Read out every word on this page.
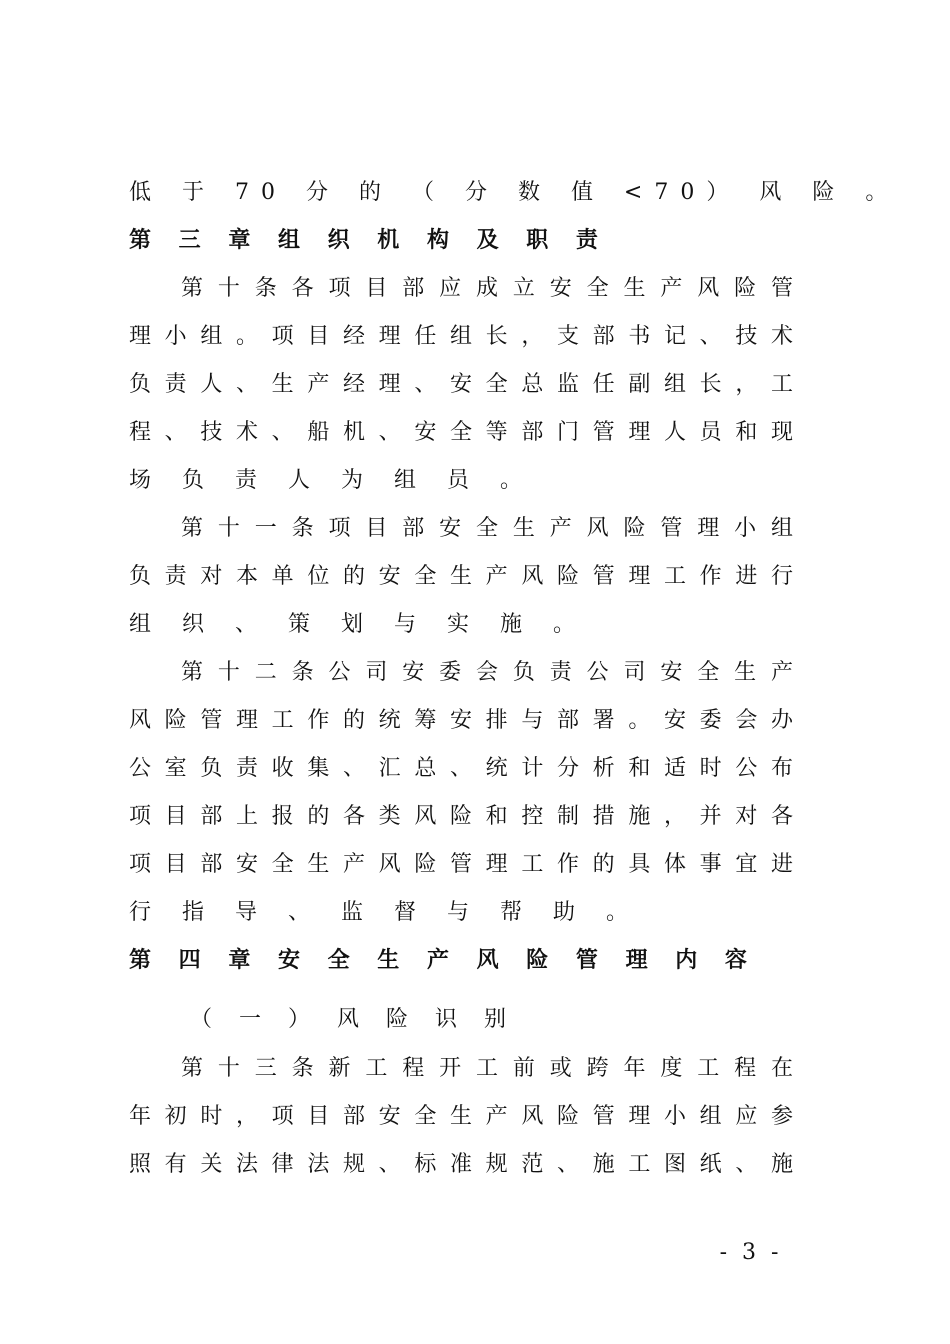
低 于 70 分 的 （ 分 数 值 <70） 风 险 。
第 三 章 组 织 机 构 及 职 责
第 十 条 各 项 目 部 应 成 立 安 全 生 产 风 险 管
理 小 组 。 项 目 经 理 任 组 长 ， 支 部 书 记 、 技 术
负 责 人 、 生 产 经 理 、 安 全 总 监 任 副 组 长 ， 工
程 、 技 术 、 船 机 、 安 全 等 部 门 管 理 人 员 和 现
场 负 责 人 为 组 员 。
第 十 一 条 项 目 部 安 全 生 产 风 险 管 理 小 组
负 责 对 本 单 位 的 安 全 生 产 风 险 管 理 工 作 进 行
组 织 、 策 划 与 实 施 。
第 十 二 条 公 司 安 委 会 负 责 公 司 安 全 生 产
风 险 管 理 工 作 的 统 筹 安 排 与 部 署 。 安 委 会 办
公 室 负 责 收 集 、 汇 总 、 统 计 分 析 和 适 时 公 布
项 目 部 上 报 的 各 类 风 险 和 控 制 措 施 ， 并 对 各
项 目 部 安 全 生 产 风 险 管 理 工 作 的 具 体 事 宜 进
行 指 导 、 监 督 与 帮 助 。
第 四 章 安 全 生 产 风 险 管 理 内 容
（ 一 ） 风 险 识 别
第 十 三 条 新 工 程 开 工 前 或 跨 年 度 工 程 在
年 初 时 ， 项 目 部 安 全 生 产 风 险 管 理 小 组 应 参
照 有 关 法 律 法 规 、 标 准 规 范 、 施 工 图 纸 、 施
- 3 -
